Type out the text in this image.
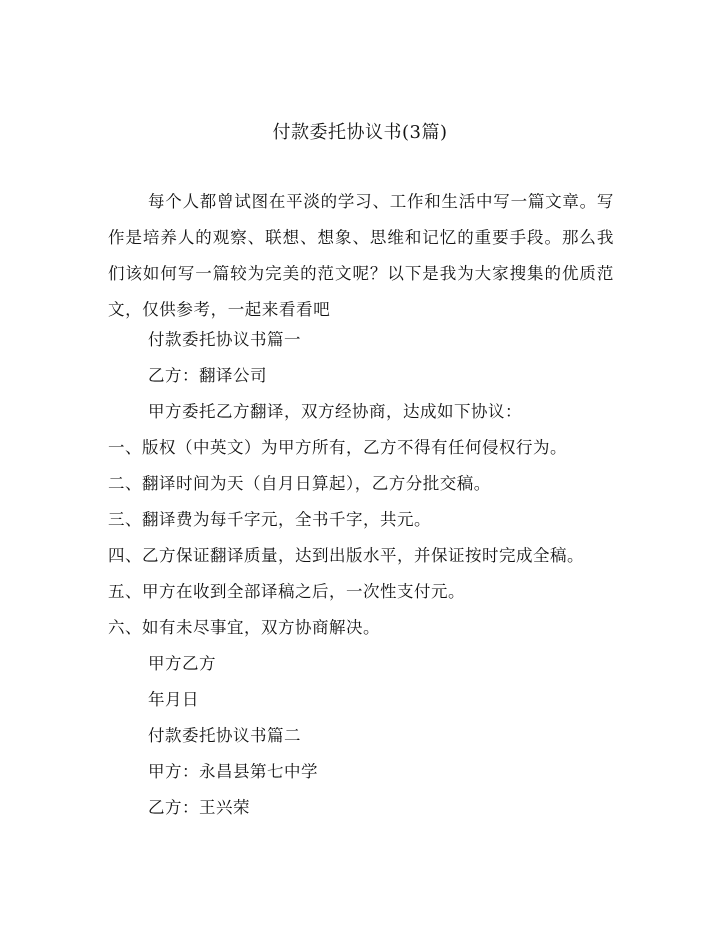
付款委托协议书(3篇)

每个人都曾试图在平淡的学习、工作和生活中写一篇文章。写作是培养人的观察、联想、想象、思维和记忆的重要手段。那么我们该如何写一篇较为完美的范文呢？以下是我为大家搜集的优质范文，仅供参考，一起来看看吧

付款委托协议书篇一
乙方：翻译公司
甲方委托乙方翻译，双方经协商，达成如下协议：
一、版权（中英文）为甲方所有，乙方不得有任何侵权行为。
二、翻译时间为天（自月日算起），乙方分批交稿。
三、翻译费为每千字元，全书千字，共元。
四、乙方保证翻译质量，达到出版水平，并保证按时完成全稿。
五、甲方在收到全部译稿之后，一次性支付元。
六、如有未尽事宜，双方协商解决。
甲方乙方
年月日
付款委托协议书篇二
甲方：永昌县第七中学
乙方：王兴荣
